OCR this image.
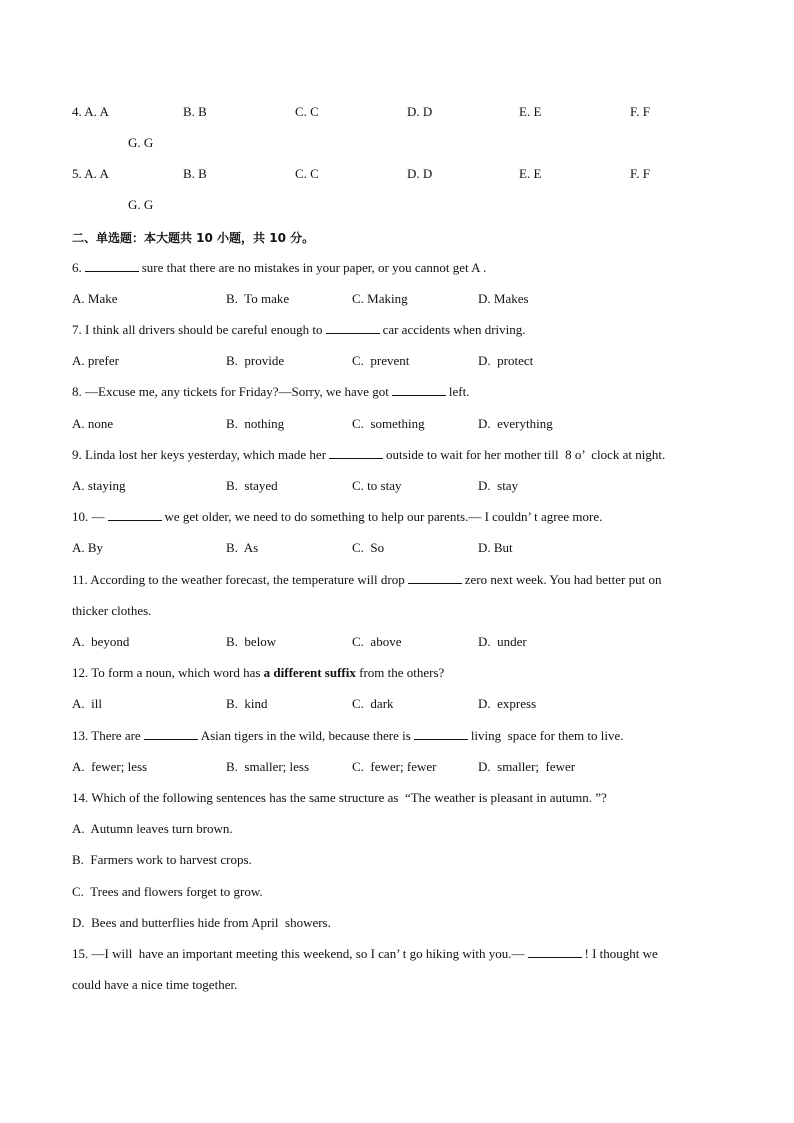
4. A. A

	B. B

	C. C

	D. D

	E. E

	F. F

G. G

5. A. A

	B. B

	C. C

	D. D

	E. E

	F. F

G. G
二、单选题：本大题共 10 小题，共 10 分。
6.	sure that there are no mistakes in your paper, or you cannot get A .

A. Make

	B.  To make

	C. Making

	D. Makes

7. I think all drivers should be careful enough to	car accidents when driving.

A. prefer

	B.  provide

	C.  prevent

	D.  protect

8. —Excuse me, any tickets for Friday?—Sorry, we have got	left.

A. none

	B.  nothing

	C.  something

	D.  everything

9. Linda lost her keys yesterday, which made her	outside to wait for her mother till  8 o’  clock at night.

A. staying

	B.  stayed

	C. to stay

	D.  stay

10. —	we get older, we need to do something to help our parents.— I couldn’ t agree more.

A. By

	B.  As

	C.  So

	D. But

11. According to the weather forecast, the temperature will drop	zero next week. You had better put on
thicker clothes.

A.  beyond

	B.  below

	C.  above

	D.  under

12. To form a noun, which word has a different suffix from the others?

A.  ill

	B.  kind

	C.  dark

	D.  express

13. There are	Asian tigers in the wild, because there is	living  space for them to live.

A.  fewer; less

	B.  smaller; less

	C.  fewer; fewer

	D.  smaller;  fewer

14. Which of the following sentences has the same structure as  “The weather is pleasant in autumn. ”?
A.  Autumn leaves turn brown.
B.  Farmers work to harvest crops.
C.  Trees and flowers forget to grow.
D.  Bees and butterflies hide from April  showers.
15. —I will  have an important meeting this weekend, so I can’ t go hiking with you.—	! I thought we
could have a nice time together.
